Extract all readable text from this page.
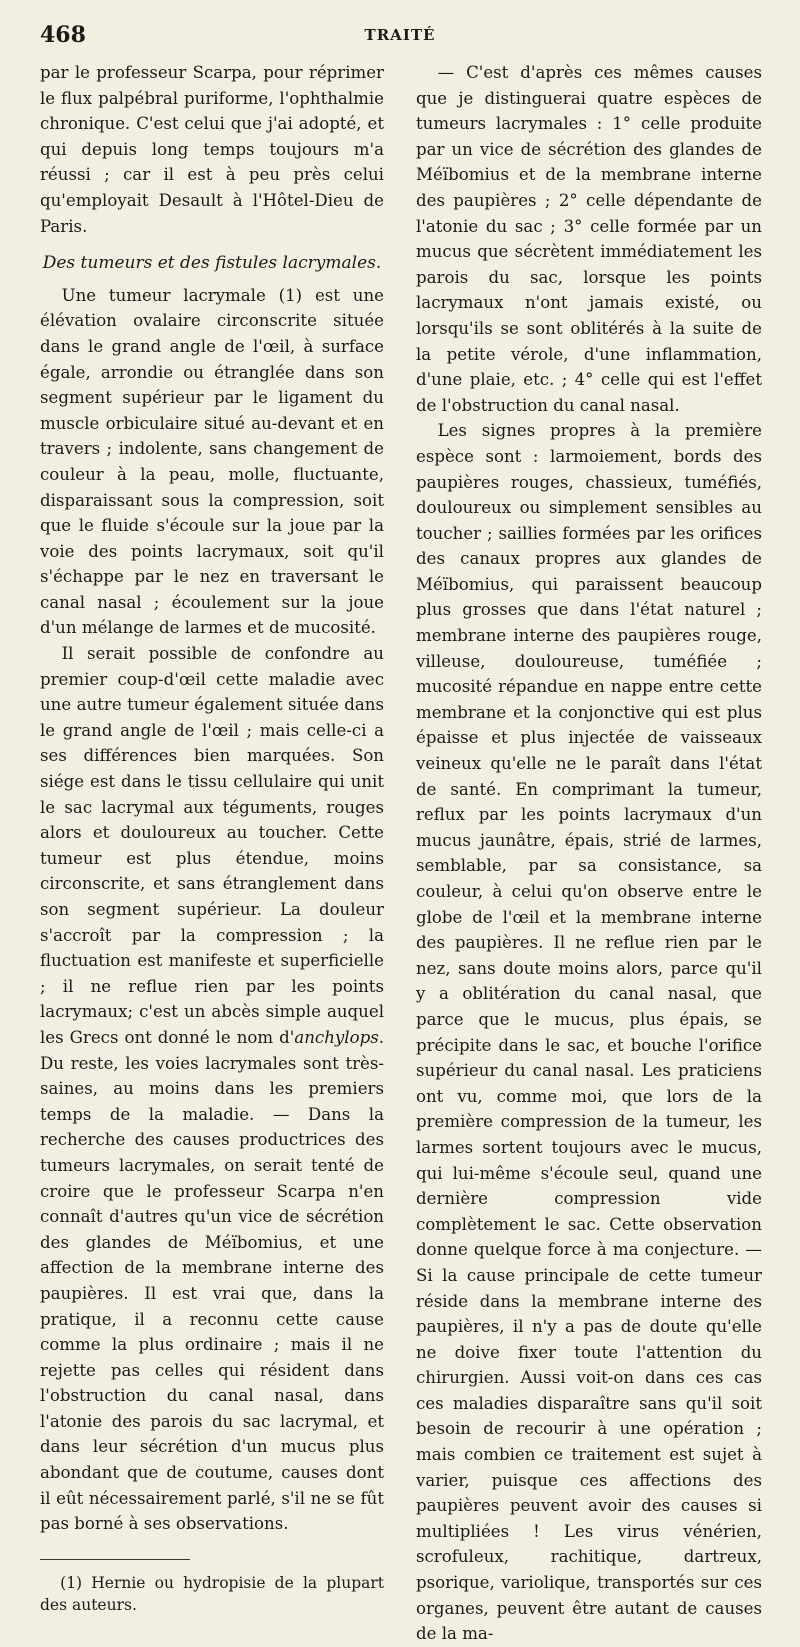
468	TRAITÉ

par le professeur Scarpa, pour réprimer le flux palpébral puriforme, l'ophthalmie chronique. C'est celui que j'ai adopté, et qui depuis long temps toujours m'a réussi ; car il est à peu près celui qu'employait Desault à l'Hôtel-Dieu de Paris.

Des tumeurs et des fistules lacrymales.

Une tumeur lacrymale (1) est une élévation ovalaire circonscrite située dans le grand angle de l'œil, à surface égale, arrondie ou étranglée dans son segment supérieur par le ligament du muscle orbiculaire situé au-devant et en travers ; indolente, sans changement de couleur à la peau, molle, fluctuante, disparaissant sous la compression, soit que le fluide s'écoule sur la joue par la voie des points lacrymaux, soit qu'il s'échappe par le nez en traversant le canal nasal ; écoulement sur la joue d'un mélange de larmes et de mucosité.

Il serait possible de confondre au premier coup-d'œil cette maladie avec une autre tumeur également située dans le grand angle de l'œil ; mais celle-ci a ses différences bien marquées. Son siége est dans le tissu cellulaire qui unit le sac lacrymal aux téguments, rouges alors et douloureux au toucher. Cette tumeur est plus étendue, moins circonscrite, et sans étranglement dans son segment supérieur. La douleur s'accroît par la compression ; la fluctuation est manifeste et superficielle ; il ne reflue rien par les points lacrymaux; c'est un abcès simple auquel les Grecs ont donné le nom d'anchylops. Du reste, les voies lacrymales sont très-saines, au moins dans les premiers temps de la maladie. — Dans la recherche des causes productrices des tumeurs lacrymales, on serait tenté de croire que le professeur Scarpa n'en connaît d'autres qu'un vice de sécrétion des glandes de Méïbomius, et une affection de la membrane interne des paupières. Il est vrai que, dans la pratique, il a reconnu cette cause comme la plus ordinaire ; mais il ne rejette pas celles qui résident dans l'obstruction du canal nasal, dans l'atonie des parois du sac lacrymal, et dans leur sécrétion d'un mucus plus abondant que de coutume, causes dont il eût nécessairement parlé, s'il ne se fût pas borné à ses observations.

(1) Hernie ou hydropisie de la plupart des auteurs.

— C'est d'après ces mêmes causes que je distinguerai quatre espèces de tumeurs lacrymales : 1° celle produite par un vice de sécrétion des glandes de Méïbomius et de la membrane interne des paupières ; 2° celle dépendante de l'atonie du sac ; 3° celle formée par un mucus que sécrètent immédiatement les parois du sac, lorsque les points lacrymaux n'ont jamais existé, ou lorsqu'ils se sont oblitérés à la suite de la petite vérole, d'une inflammation, d'une plaie, etc. ; 4° celle qui est l'effet de l'obstruction du canal nasal.

Les signes propres à la première espèce sont : larmoiement, bords des paupières rouges, chassieux, tuméfiés, douloureux ou simplement sensibles au toucher ; saillies formées par les orifices des canaux propres aux glandes de Méïbomius, qui paraissent beaucoup plus grosses que dans l'état naturel ; membrane interne des paupières rouge, villeuse, douloureuse, tuméfiée ; mucosité répandue en nappe entre cette membrane et la conjonctive qui est plus épaisse et plus injectée de vaisseaux veineux qu'elle ne le paraît dans l'état de santé. En comprimant la tumeur, reflux par les points lacrymaux d'un mucus jaunâtre, épais, strié de larmes, semblable, par sa consistance, sa couleur, à celui qu'on observe entre le globe de l'œil et la membrane interne des paupières. Il ne reflue rien par le nez, sans doute moins alors, parce qu'il y a oblitération du canal nasal, que parce que le mucus, plus épais, se précipite dans le sac, et bouche l'orifice supérieur du canal nasal. Les praticiens ont vu, comme moi, que lors de la première compression de la tumeur, les larmes sortent toujours avec le mucus, qui lui-même s'écoule seul, quand une dernière compression vide complètement le sac. Cette observation donne quelque force à ma conjecture. — Si la cause principale de cette tumeur réside dans la membrane interne des paupières, il n'y a pas de doute qu'elle ne doive fixer toute l'attention du chirurgien. Aussi voit-on dans ces cas ces maladies disparaître sans qu'il soit besoin de recourir à une opération ; mais combien ce traitement est sujet à varier, puisque ces affections des paupières peuvent avoir des causes si multipliées ! Les virus vénérien, scrofuleux, rachitique, dartreux, psorique, variolique, transportés sur ces organes, peuvent être autant de causes de la ma-
